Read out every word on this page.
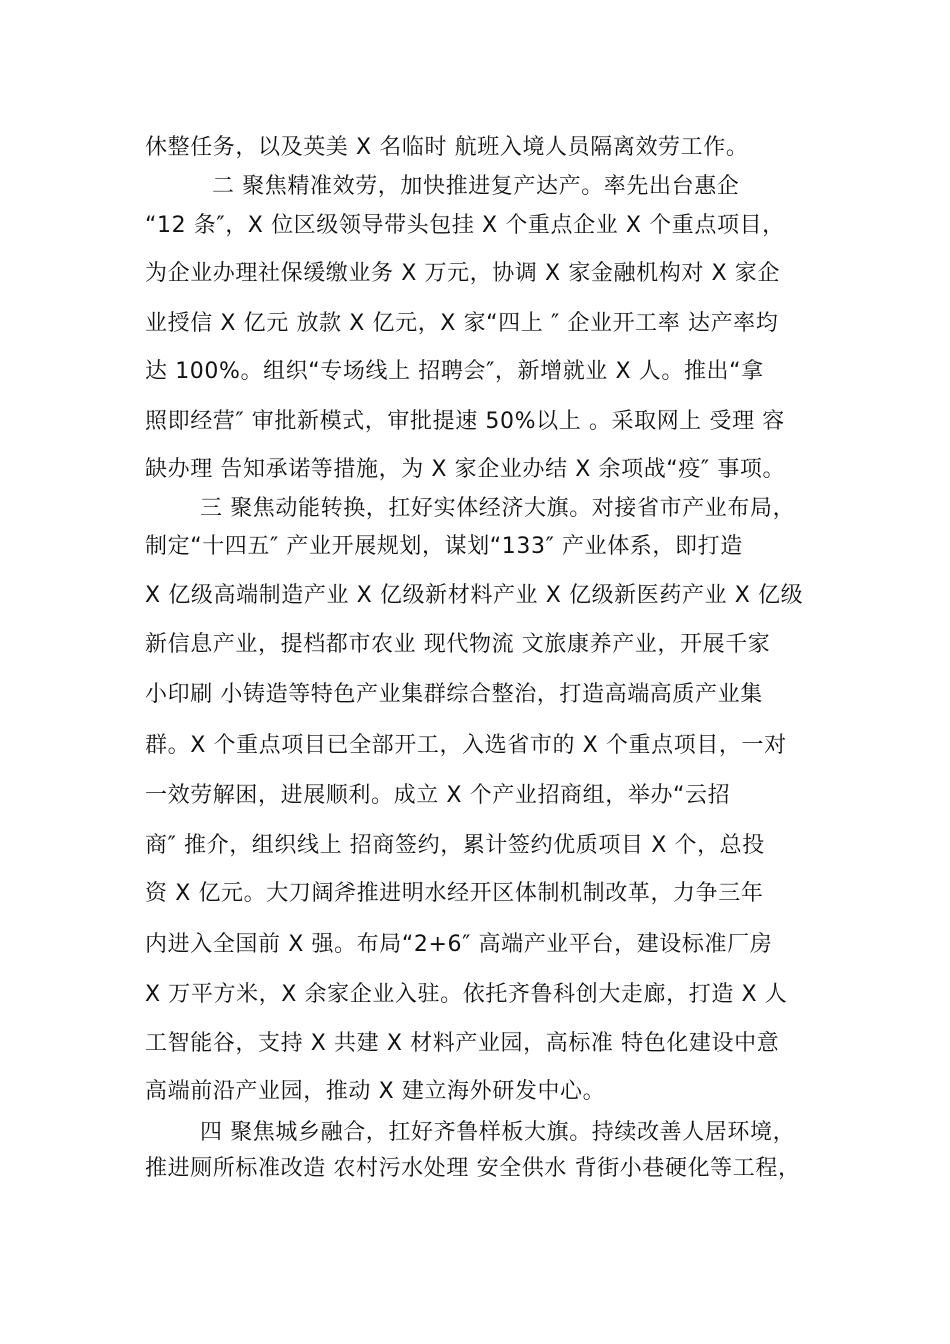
休整任务，以及英美 X 名临时 航班入境人员隔离效劳工作。
二 聚焦精准效劳，加快推进复产达产。率先出台惠企
“12 条″，X 位区级领导带头包挂 X 个重点企业 X 个重点项目，
为企业办理社保缓缴业务 X 万元，协调 X 家金融机构对 X 家企
业授信 X 亿元 放款 X 亿元，X 家“四上 ″ 企业开工率 达产率均
达 100%。组织“专场线上 招聘会″，新增就业 X 人。推出“拿
照即经营″ 审批新模式，审批提速 50%以上 。采取网上 受理 容
缺办理 告知承诺等措施，为 X 家企业办结 X 余项战“疫″ 事项。
三 聚焦动能转换，扛好实体经济大旗。对接省市产业布局，
制定“十四五″ 产业开展规划，谋划“133″ 产业体系，即打造
X 亿级高端制造产业 X 亿级新材料产业 X 亿级新医药产业 X 亿级
新信息产业，提档都市农业 现代物流 文旅康养产业，开展千家
小印刷 小铸造等特色产业集群综合整治，打造高端高质产业集
群。X 个重点项目已全部开工，入选省市的 X 个重点项目，一对
一效劳解困，进展顺利。成立 X 个产业招商组，举办“云招
商″ 推介，组织线上 招商签约，累计签约优质项目 X 个，总投
资 X 亿元。大刀阔斧推进明水经开区体制机制改革，力争三年
内进入全国前 X 强。布局“2+6″ 高端产业平台，建设标准厂房
X 万平方米，X 余家企业入驻。依托齐鲁科创大走廊，打造 X 人
工智能谷，支持 X 共建 X 材料产业园，高标准 特色化建设中意
高端前沿产业园，推动 X 建立海外研发中心。
四 聚焦城乡融合，扛好齐鲁样板大旗。持续改善人居环境，
推进厕所标准改造 农村污水处理 安全供水 背街小巷硬化等工程，
